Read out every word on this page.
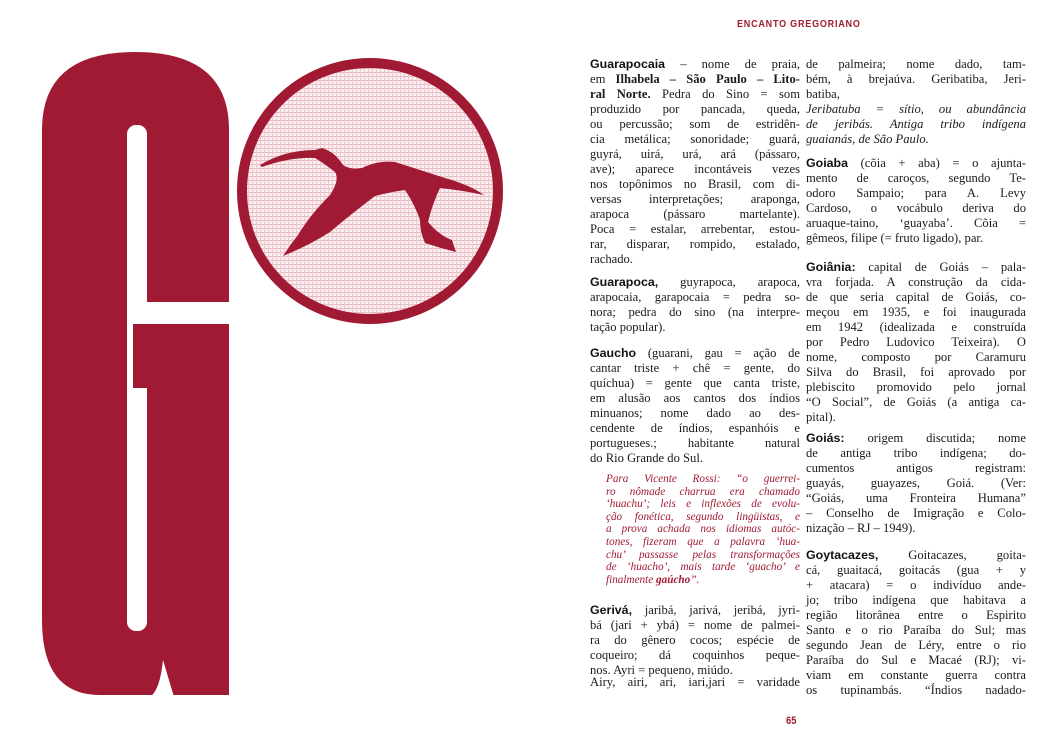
ENCANTO GREGORIANO
Guarapocaia – nome de praia,
em Ilhabela – São Paulo – Lito-
ral Norte. Pedra do Sino = som
produzido por pancada, queda,
ou percussão; som de estridên-
cia metálica; sonoridade; guará,
guyrá, uirá, urá, ará (pássaro,
ave); aparece incontáveis vezes
nos topônimos no Brasil, com di-
versas interpretações; araponga,
arapoca (pássaro martelante).
Poca = estalar, arrebentar, estou-
rar, disparar, rompido, estalado,
rachado.
Guarapoca, guyrapoca, arapoca,
arapocaia, garapocaia = pedra so-
nora; pedra do sino (na interpre-
tação popular).
Gaucho (guarani, gau = ação de
cantar triste + chê = gente, do
quíchua) = gente que canta triste,
em alusão aos cantos dos índios
minuanos; nome dado ao des-
cendente de índios, espanhóis e
portugueses.; habitante natural
do Rio Grande do Sul.
Para Vicente Rossi: “o guerrei-
ro nômade charrua era chamado
‘huachu’; leis e inflexões de evolu-
ção fonética, segundo lingüistas, e
a prova achada nos idiomas autóc-
tones, fizeram que a palavra ‘hua-
chu’ passasse pelas transformações
de ‘huacho’, mais tarde ‘guacho’ e
finalmente gaúcho”.
Gerivá, jaribá, jarivá, jeribá, jyri-
bá (jari + ybá) = nome de palmei-
ra do gênero cocos; espécie de
coqueiro; dá coquinhos peque-
nos. Ayri = pequeno, miúdo.
Airy, airi, ari, iari,jari = varidade
de palmeira; nome dado, tam-
bém, à brejaúva. Geribatiba, Jeri-
batiba,
Jeribatuba = sítio, ou abundância
de jeribás. Antiga tribo indígena
guaianás, de São Paulo.
Goiaba (cõia + aba) = o ajunta-
mento de caroços, segundo Te-
odoro Sampaio; para A. Levy
Cardoso, o vocábulo deriva do
aruaque-taino, ‘guayaba’. Cõia =
gêmeos, filipe (= fruto ligado), par.
Goiânia: capital de Goiás – pala-
vra forjada. A construção da cida-
de que seria capital de Goiás, co-
meçou em 1935, e foi inaugurada
em 1942 (idealizada e construída
por Pedro Ludovico Teixeira). O
nome, composto por Caramuru
Silva do Brasil, foi aprovado por
plebiscito promovido pelo jornal
“O Social”, de Goiás (a antiga ca-
pital).
Goiás: origem discutida; nome
de antiga tribo indígena; do-
cumentos antigos registram:
guayás, guayazes, Goiá. (Ver:
“Goiás, uma Fronteira Humana”
– Conselho de Imigração e Colo-
nização – RJ – 1949).
Goytacazes, Goitacazes, goita-
cá, guaitacá, goitacás (gua + y
+ atacara) = o indivíduo ande-
jo; tribo indígena que habitava a
região litorânea entre o Espirito
Santo e o rio Paraíba do Sul; mas
segundo Jean de Léry, entre o rio
Paraíba do Sul e Macaé (RJ); vi-
viam em constante guerra contra
os tupinambás. “Índios nadado-
65
